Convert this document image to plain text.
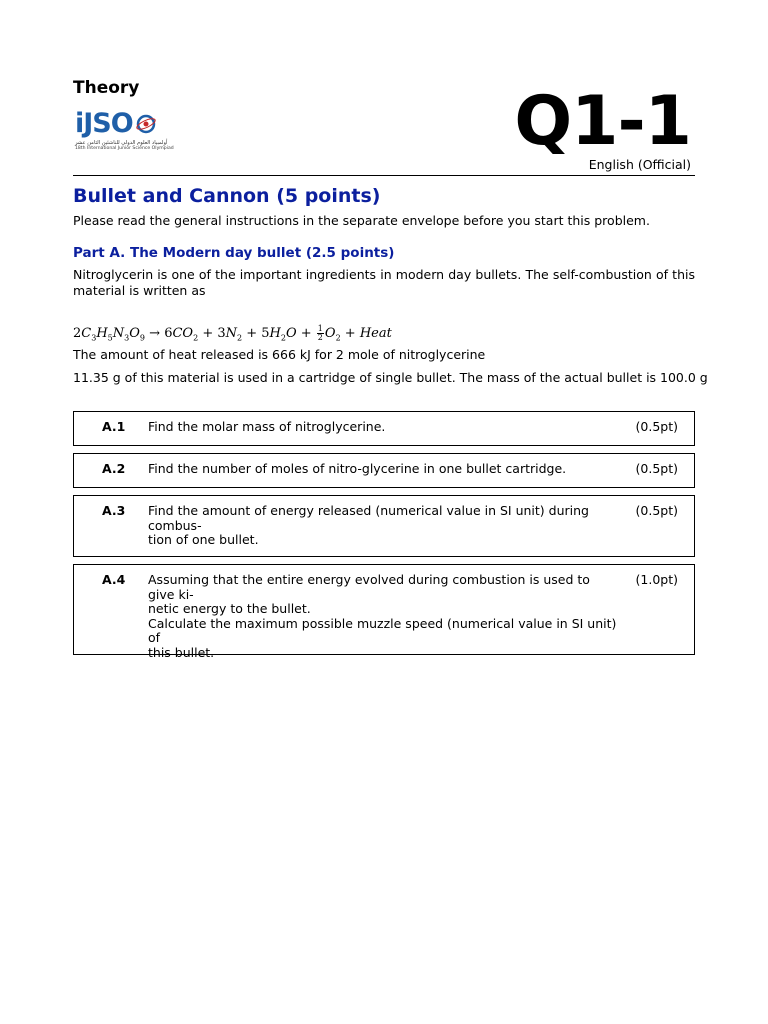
Theory
iJSO
أولمبياد العلوم الدولي للناشئين الثامن عشر
18th International Junior Science Olympiad	Q1-1
English (Official)
Bullet and Cannon (5 points)
Please read the general instructions in the separate envelope before you start this problem.
Part A. The Modern day bullet (2.5 points)
Nitroglycerin is one of the important ingredients in modern day bullets. The self-combustion of this material is written as
$2C_3H_5N_3O_9 \to 6CO_2 + 3N_2 + 5H_2O + \frac{1}{2} O_2$ + Heat
The amount of heat released is 666 kJ for 2 mole of nitroglycerine
11.35 g of this material is used in a cartridge of single bullet. The mass of the actual bullet is 100.0 g
A.1 Find the molar mass of nitroglycerine.	(0.5pt)
A.2 Find the number of moles of nitro-glycerine in one bullet cartridge.	(0.5pt)
A.3 Find the amount of energy released (numerical value in SI unit) during combus-
tion of one bullet.
(0.5pt)
A.4 Assuming that the entire energy evolved during combustion is used to give ki-
netic energy to the bullet.
Calculate the maximum possible muzzle speed (numerical value in SI unit) of
this bullet.
(1.0pt)
